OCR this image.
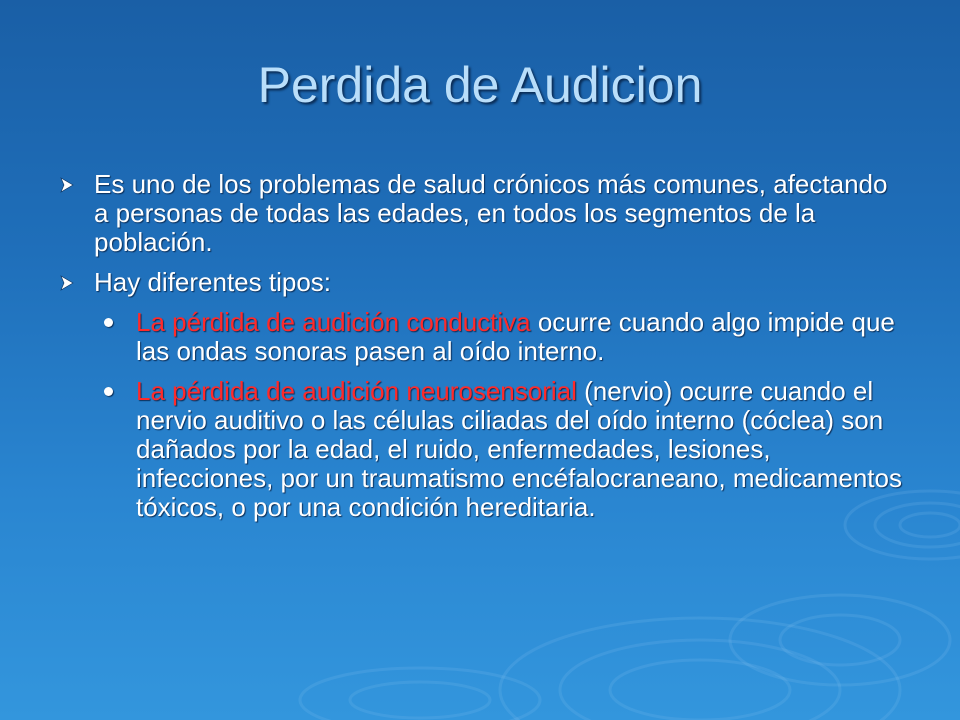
Perdida de Audicion
Es uno de los problemas de salud crónicos más comunes, afectando a personas de todas las edades, en todos los segmentos de la población.
Hay diferentes tipos:
La pérdida de audición conductiva ocurre cuando algo impide que las ondas sonoras pasen al oído interno.
La pérdida de audición neurosensorial (nervio) ocurre cuando el nervio auditivo o las células ciliadas del oído interno (cóclea) son dañados por la edad, el ruido, enfermedades, lesiones, infecciones, por un traumatismo encéfalocraneano, medicamentos tóxicos, o por una condición hereditaria.
